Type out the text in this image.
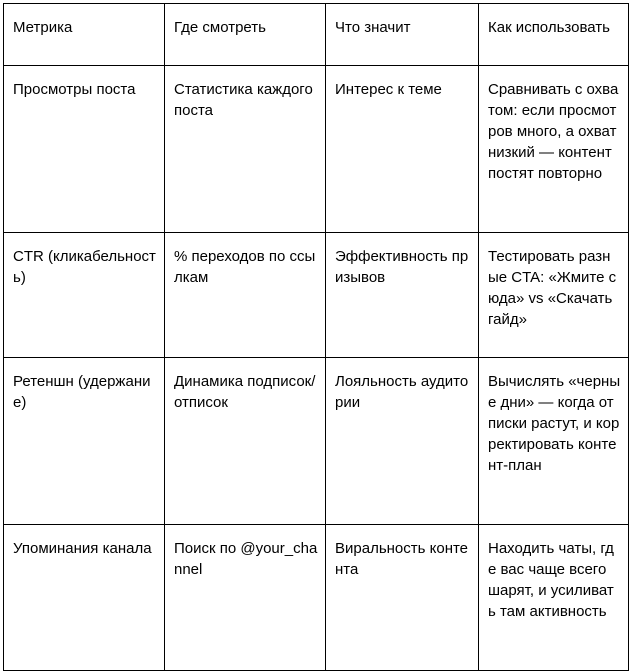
Метрика	Где смотреть	Что значит	Как использовать
Просмотры поста	Статистика каждого поста	Интерес к теме	Сравнивать с охватом: если просмотров много, а охват низкий — контент постят повторно
CTR (кликабельность)	% переходов по ссылкам	Эффективность призывов	Тестировать разные CTA: «Жмите сюда» vs «Скачать гайд»
Ретеншн (удержание)	Динамика подписок/отписок	Лояльность аудитории	Вычислять «черные дни» — когда отписки растут, и корректировать контент-план
Упоминания канала	Поиск по @your_channel	Виральность контента	Находить чаты, где вас чаще всего шарят, и усиливать там активность
